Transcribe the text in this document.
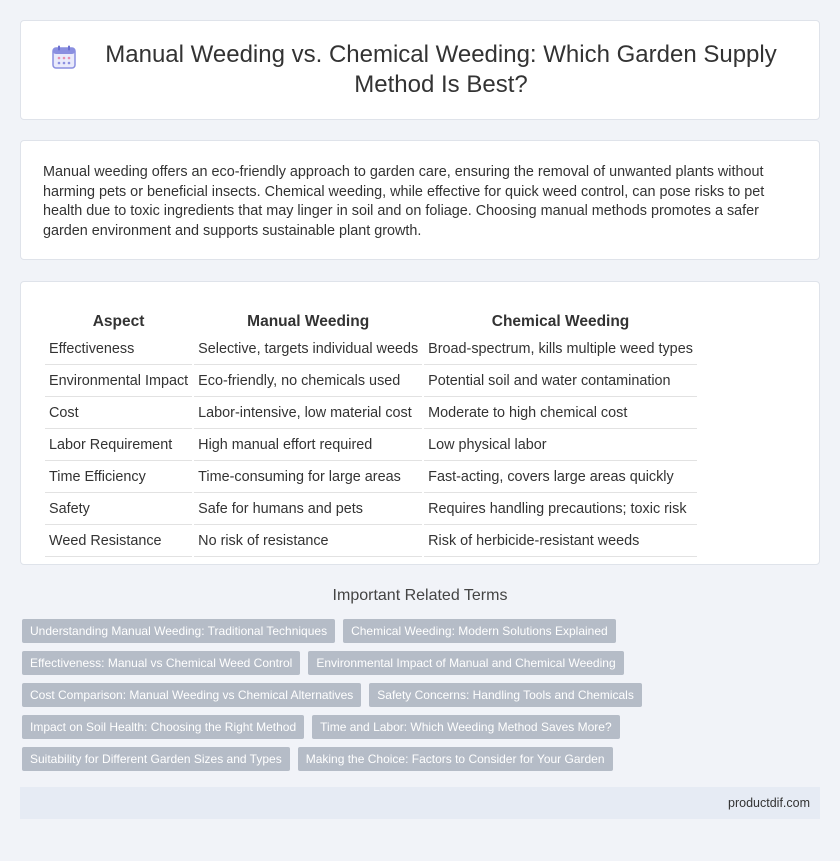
Manual Weeding vs. Chemical Weeding: Which Garden Supply Method Is Best?

Manual weeding offers an eco-friendly approach to garden care, ensuring the removal of unwanted plants without harming pets or beneficial insects. Chemical weeding, while effective for quick weed control, can pose risks to pet health due to toxic ingredients that may linger in soil and on foliage. Choosing manual methods promotes a safer garden environment and supports sustainable plant growth.

Aspect	Manual Weeding	Chemical Weeding
Effectiveness	Selective, targets individual weeds	Broad-spectrum, kills multiple weed types
Environmental Impact	Eco-friendly, no chemicals used	Potential soil and water contamination
Cost	Labor-intensive, low material cost	Moderate to high chemical cost
Labor Requirement	High manual effort required	Low physical labor
Time Efficiency	Time-consuming for large areas	Fast-acting, covers large areas quickly
Safety	Safe for humans and pets	Requires handling precautions; toxic risk
Weed Resistance	No risk of resistance	Risk of herbicide-resistant weeds
Important Related Terms
Understanding Manual Weeding: Traditional Techniques	Chemical Weeding: Modern Solutions Explained
Effectiveness: Manual vs Chemical Weed Control	Environmental Impact of Manual and Chemical Weeding
Cost Comparison: Manual Weeding vs Chemical Alternatives	Safety Concerns: Handling Tools and Chemicals
Impact on Soil Health: Choosing the Right Method	Time and Labor: Which Weeding Method Saves More?
Suitability for Different Garden Sizes and Types	Making the Choice: Factors to Consider for Your Garden
productdif.com
